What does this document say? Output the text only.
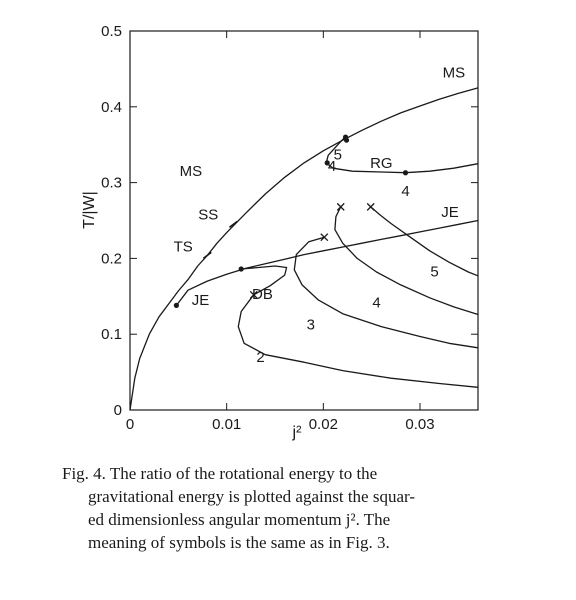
MS
MS
SS
TS
JE
JE
DB
RG
4
4
5
2
3
4
5
0	0.01	0.02	0.03
0
0.1
0.2
0.3
0.4
0.5
j²
T/|W|
Fig. 4. The ratio of the rotational energy to the
gravitational energy is plotted against the squar-
ed dimensionless angular momentum j². The
meaning of symbols is the same as in Fig. 3.
